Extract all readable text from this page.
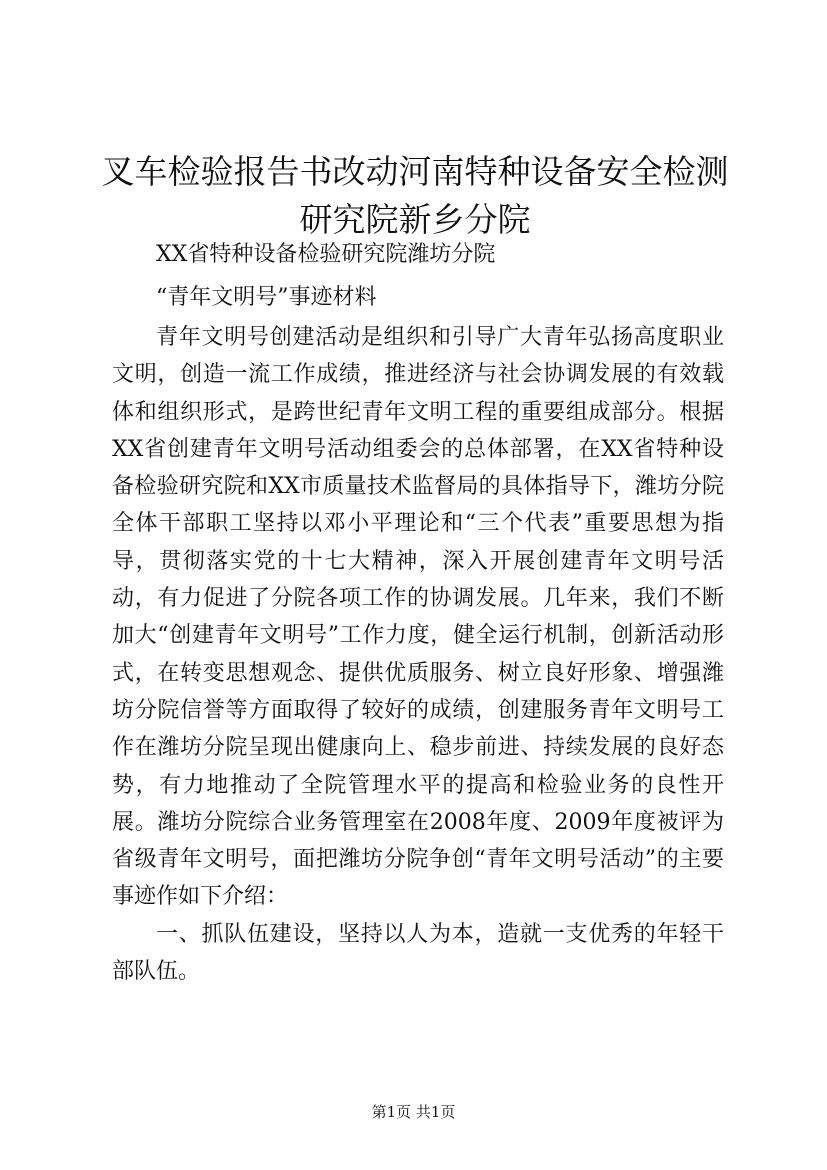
叉车检验报告书改动河南特种设备安全检测研究院新乡分院

XX省特种设备检验研究院潍坊分院

“青年文明号”事迹材料

青年文明号创建活动是组织和引导广大青年弘扬高度职业文明，创造一流工作成绩，推进经济与社会协调发展的有效载体和组织形式，是跨世纪青年文明工程的重要组成部分。根据XX省创建青年文明号活动组委会的总体部署，在XX省特种设备检验研究院和XX市质量技术监督局的具体指导下，潍坊分院全体干部职工坚持以邓小平理论和“三个代表”重要思想为指导，贯彻落实党的十七大精神，深入开展创建青年文明号活动，有力促进了分院各项工作的协调发展。几年来，我们不断加大“创建青年文明号”工作力度，健全运行机制，创新活动形式，在转变思想观念、提供优质服务、树立良好形象、增强潍坊分院信誉等方面取得了较好的成绩，创建服务青年文明号工作在潍坊分院呈现出健康向上、稳步前进、持续发展的良好态势，有力地推动了全院管理水平的提高和检验业务的良性开展。潍坊分院综合业务管理室在2008年度、2009年度被评为省级青年文明号，面把潍坊分院争创“青年文明号活动”的主要事迹作如下介绍：

一、抓队伍建设，坚持以人为本，造就一支优秀的年轻干部队伍。

第1页 共1页
